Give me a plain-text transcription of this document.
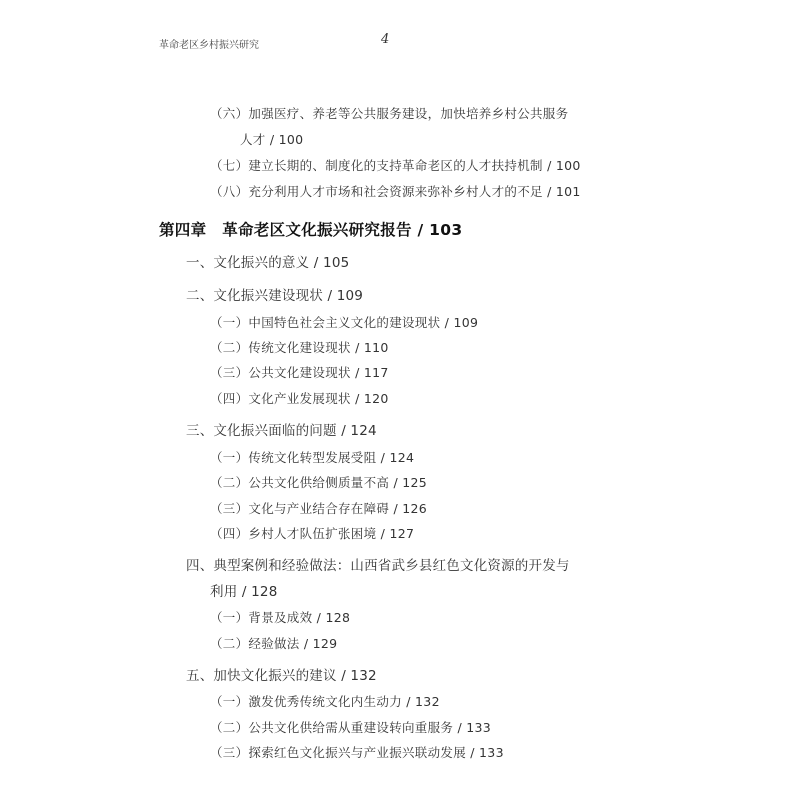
革命老区乡村振兴研究	4
（六）加强医疗、养老等公共服务建设，加快培养乡村公共服务
人才 / 100
（七）建立长期的、制度化的支持革命老区的人才扶持机制 / 100
（八）充分利用人才市场和社会资源来弥补乡村人才的不足 / 101
第四章　革命老区文化振兴研究报告 / 103
一、文化振兴的意义 / 105
二、文化振兴建设现状 / 109
（一）中国特色社会主义文化的建设现状 / 109
（二）传统文化建设现状 / 110
（三）公共文化建设现状 / 117
（四）文化产业发展现状 / 120
三、文化振兴面临的问题 / 124
（一）传统文化转型发展受阻 / 124
（二）公共文化供给侧质量不高 / 125
（三）文化与产业结合存在障碍 / 126
（四）乡村人才队伍扩张困境 / 127
四、典型案例和经验做法：山西省武乡县红色文化资源的开发与
利用 / 128
（一）背景及成效 / 128
（二）经验做法 / 129
五、加快文化振兴的建议 / 132
（一）激发优秀传统文化内生动力 / 132
（二）公共文化供给需从重建设转向重服务 / 133
（三）探索红色文化振兴与产业振兴联动发展 / 133
